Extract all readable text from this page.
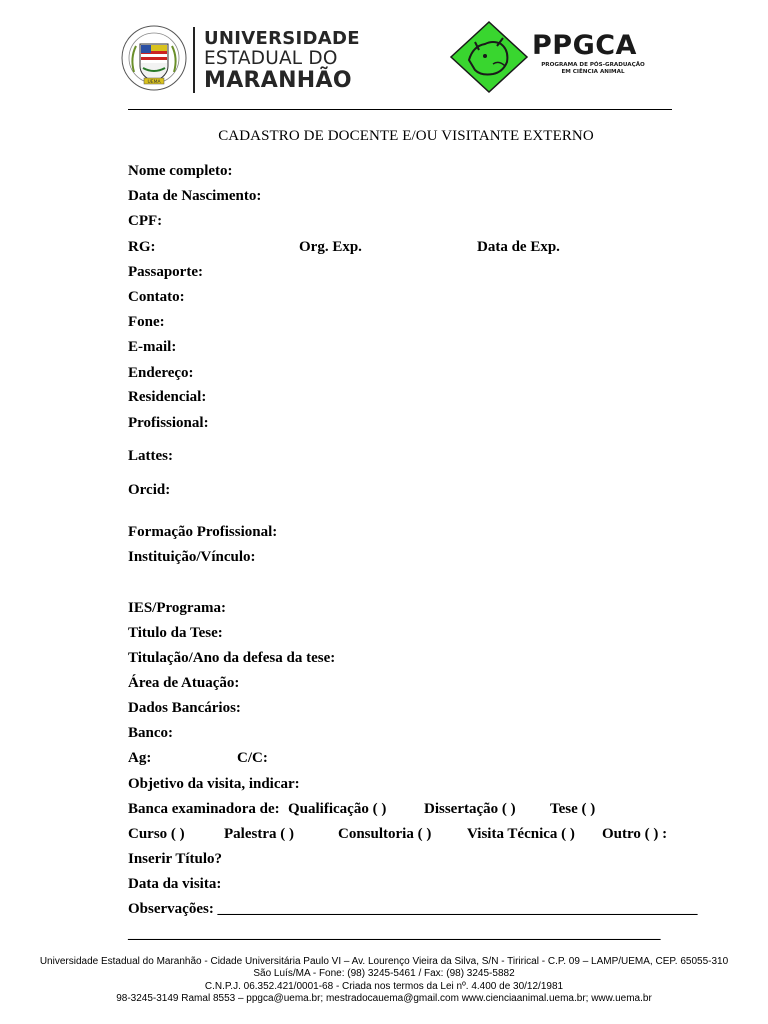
UEMA
UNIVERSIDADE
ESTADUAL DO
MARANHÃO
PPGCA
PROGRAMA DE PÓS-GRADUAÇÃO
EM CIÊNCIA ANIMAL
CADASTRO DE DOCENTE E/OU VISITANTE EXTERNO
Nome completo:
Data de Nascimento:
CPF:
RG:	Org. Exp.	Data de Exp.
Passaporte:
Contato:
Fone:
E-mail:
Endereço:
Residencial:
Profissional:
Lattes:
Orcid:
Formação Profissional:
Instituição/Vínculo:
IES/Programa:
Titulo da Tese:
Titulação/Ano da defesa da tese:
Área de Atuação:
Dados Bancários:
Banco:
Ag:	C/C:
Objetivo da visita, indicar:
Banca examinadora de: Qualificação ( )	Dissertação ( ) Tese ( )
Curso ( )	Palestra ( )	Consultoria ( ) Visita Técnica ( ) Outro ( ) :
Inserir Título?
Data da visita:
Observações: ________________________________________________________________
_______________________________________________________________________
Universidade Estadual do Maranhão - Cidade Universitária Paulo VI – Av. Lourenço Vieira da Silva, S/N - Tirirical - C.P. 09 – LAMP/UEMA, CEP. 65055-310
São Luís/MA - Fone: (98) 3245-5461 / Fax: (98) 3245-5882
C.N.P.J. 06.352.421/0001-68 - Criada nos termos da Lei nº. 4.400 de 30/12/1981
98-3245-3149 Ramal 8553 – ppgca@uema.br; mestradocauema@gmail.com www.cienciaanimal.uema.br; www.uema.br
